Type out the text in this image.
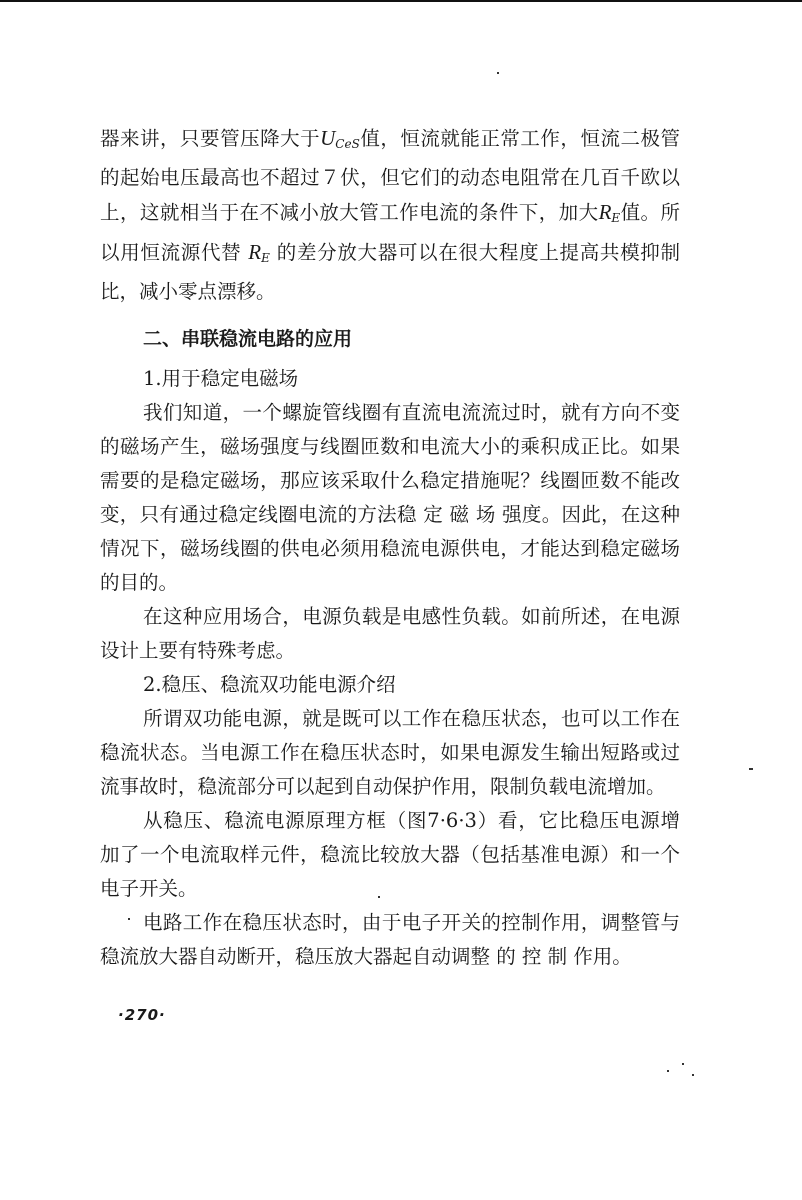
器来讲，只要管压降大于$U_{CeS}$值，恒流就能正常工作，恒流二极管的起始电压最高也不超过７伏，但它们的动态电阻常在几百千欧以上，这就相当于在不减小放大管工作电流的条件下，加大$R_E$值。所以用恒流源代替 $R_E$ 的差分放大器可以在很大程度上提高共模抑制比，减小零点漂移。

二、串联稳流电路的应用

1.用于稳定电磁场

我们知道，一个螺旋管线圈有直流电流流过时，就有方向不变的磁场产生，磁场强度与线圈匝数和电流大小的乘积成正比。如果需要的是稳定磁场，那应该采取什么稳定措施呢？线圈匝数不能改变，只有通过稳定线圈电流的方法稳 定 磁 场 强度。因此，在这种情况下，磁场线圈的供电必须用稳流电源供电，才能达到稳定磁场的目的。

在这种应用场合，电源负载是电感性负载。如前所述，在电源设计上要有特殊考虑。

2.稳压、稳流双功能电源介绍

所谓双功能电源，就是既可以工作在稳压状态，也可以工作在稳流状态。当电源工作在稳压状态时，如果电源发生输出短路或过流事故时，稳流部分可以起到自动保护作用，限制负载电流增加。

从稳压、稳流电源原理方框（图7·6·3）看，它比稳压电源增加了一个电流取样元件，稳流比较放大器（包括基准电源）和一个电子开关。

电路工作在稳压状态时，由于电子开关的控制作用，调整管与稳流放大器自动断开，稳压放大器起自动调整 的 控 制 作用。

·270·
